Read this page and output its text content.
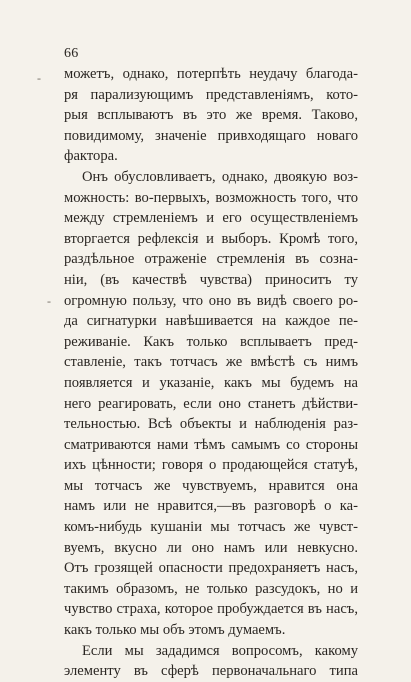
66
-
-
можетъ, однако, потерпѣть неудачу благода-
ря парализующимъ представленіямъ, кото-
рыя всплываютъ въ это же время. Таково,
повидимому, значеніе привходящаго новаго
фактора.
Онъ обусловливаетъ, однако, двоякую воз-
можность: во-первыхъ, возможность того, что
между стремленіемъ и его осуществленіемъ
вторгается рефлексія и выборъ. Кромѣ того,
раздѣльное отраженіе стремленія въ созна-
ніи, (въ качествѣ чувства) приноситъ ту
огромную пользу, что оно въ видѣ своего ро-
да сигнатурки навѣшивается на каждое пе-
реживаніе. Какъ только всплываетъ пред-
ставленіе, такъ тотчасъ же вмѣстѣ съ нимъ
появляется и указаніе, какъ мы будемъ на
него реагировать, если оно станетъ дѣйстви-
тельностью. Всѣ объекты и наблюденія раз-
сматриваются нами тѣмъ самымъ со стороны
ихъ цѣнности; говоря о продающейся статуѣ,
мы тотчасъ же чувствуемъ, нравится она
намъ или не нравится,—въ разговорѣ о ка-
комъ-нибудь кушаніи мы тотчасъ же чувст-
вуемъ, вкусно ли оно намъ или невкусно.
Отъ грозящей опасности предохраняетъ насъ,
такимъ образомъ, не только разсудокъ, но и
чувство страха, которое пробуждается въ насъ,
какъ только мы объ этомъ думаемъ.
Если мы зададимся вопросомъ, какому
элементу въ сферѣ первоначальнаго типа
